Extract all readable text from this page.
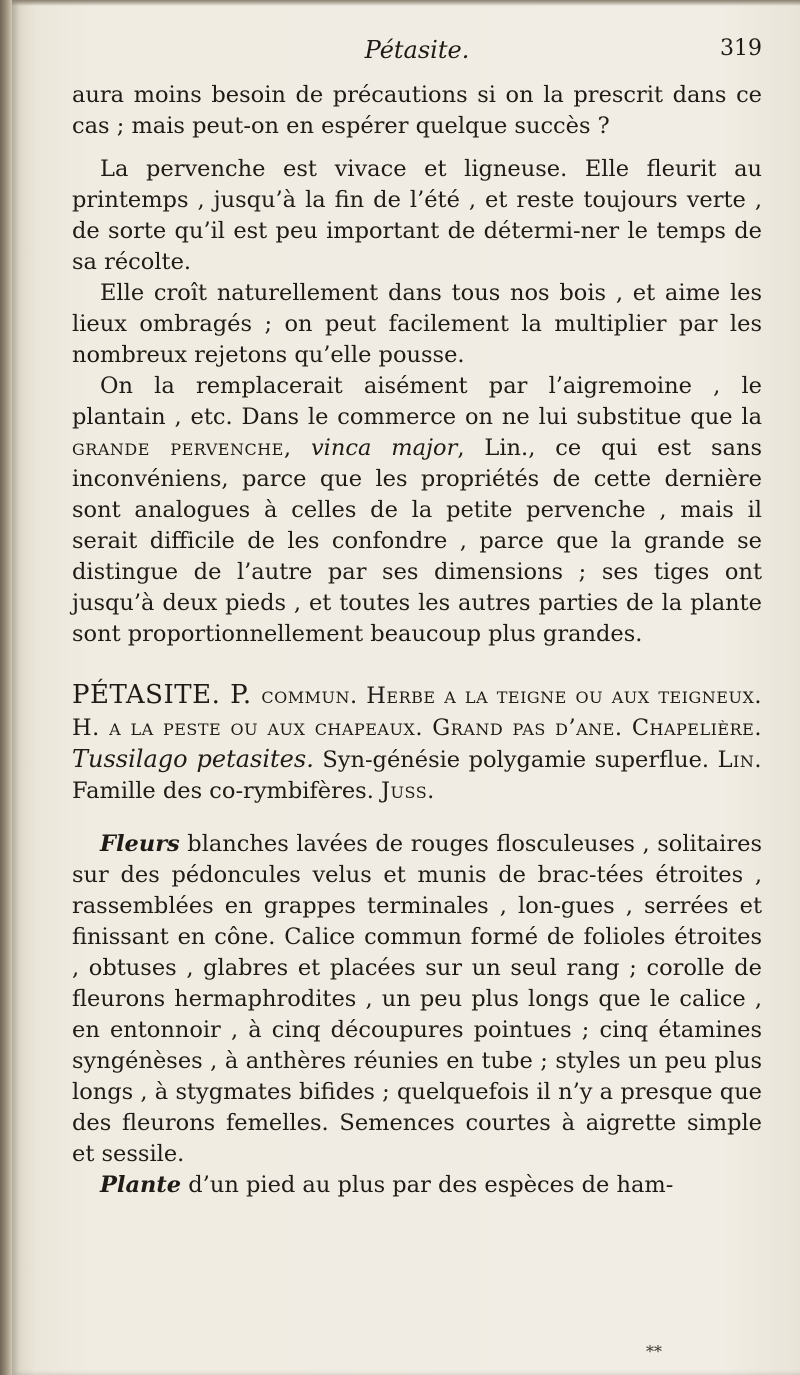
Pétasite.	319

aura moins besoin de précautions si on la prescrit dans ce cas ; mais peut-on en espérer quelque succès ?

La pervenche est vivace et ligneuse. Elle fleurit au printemps , jusqu’à la fin de l’été , et reste toujours verte , de sorte qu’il est peu important de détermi-ner le temps de sa récolte.

Elle croît naturellement dans tous nos bois , et aime les lieux ombragés ; on peut facilement la multiplier par les nombreux rejetons qu’elle pousse.

On la remplacerait aisément par l’aigremoine , le plantain , etc. Dans le commerce on ne lui substitue que la grande pervenche, vinca major, Lin., ce qui est sans inconvéniens, parce que les propriétés de cette dernière sont analogues à celles de la petite pervenche , mais il serait difficile de les confondre , parce que la grande se distingue de l’autre par ses dimensions ; ses tiges ont jusqu’à deux pieds , et toutes les autres parties de la plante sont proportionnellement beaucoup plus grandes.

PÉTASITE. P. commun. Herbe a la teigne ou aux teigneux. H. a la peste ou aux chapeaux. Grand pas d’ane. Chapelière. Tussilago petasites. Syn-génésie polygamie superflue. Lin. Famille des co-rymbifères. Juss.

Fleurs blanches lavées de rouges flosculeuses , solitaires sur des pédoncules velus et munis de brac-tées étroites , rassemblées en grappes terminales , lon-gues , serrées et finissant en cône. Calice commun formé de folioles étroites , obtuses , glabres et placées sur un seul rang ; corolle de fleurons hermaphrodites , un peu plus longs que le calice , en entonnoir , à cinq découpures pointues ; cinq étamines syngénèses , à anthères réunies en tube ; styles un peu plus longs , à stygmates bifides ; quelquefois il n’y a presque que des fleurons femelles. Semences courtes à aigrette simple et sessile.

Plante d’un pied au plus par des espèces de ham-

**
